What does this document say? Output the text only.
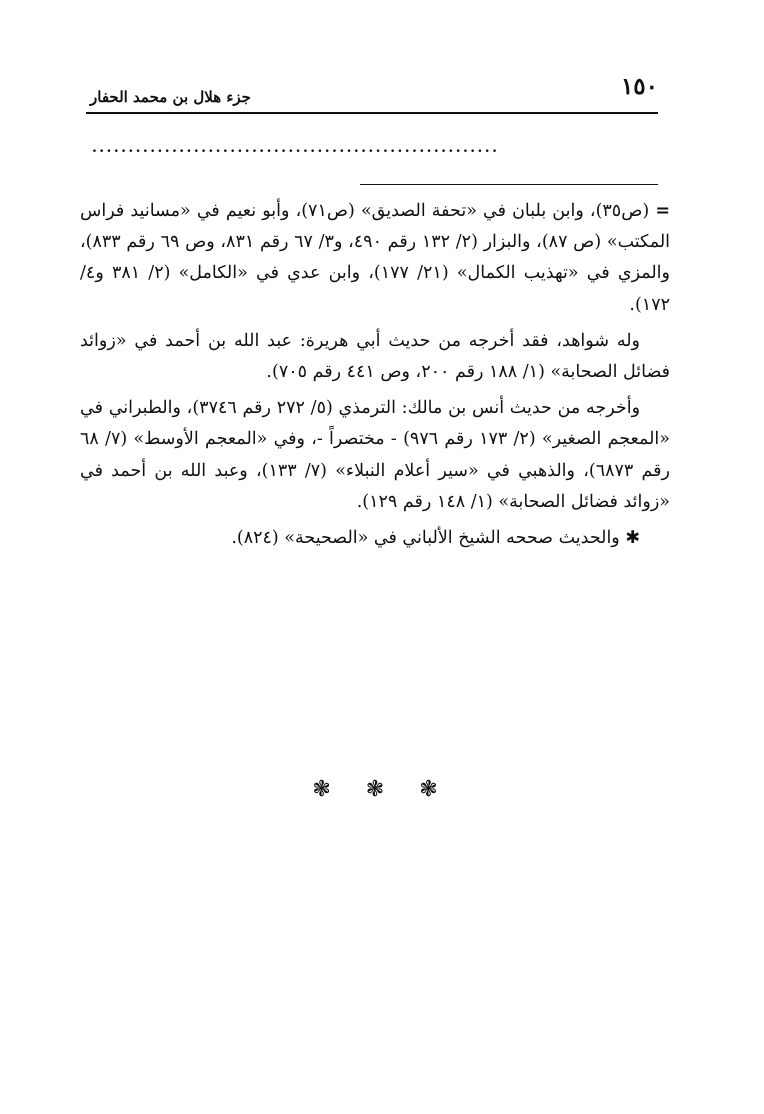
١٥٠
جزء هلال بن محمد الحفار
........................................................

= (ص٣٥)، وابن بلبان في «تحفة الصديق» (ص٧١)، وأبو نعيم في «مسانيد فراس المكتب» (ص ٨٧)، والبزار (٢/ ١٣٢ رقم ٤٩٠، و٣/ ٦٧ رقم ٨٣١، وص ٦٩ رقم ٨٣٣)، والمزي في «تهذيب الكمال» (٢١/ ١٧٧)، وابن عدي في «الكامل» (٢/ ٣٨١ و٤/ ١٧٢).

وله شواهد، فقد أخرجه من حديث أبي هريرة: عبد الله بن أحمد في «زوائد فضائل الصحابة» (١/ ١٨٨ رقم ٢٠٠، وص ٤٤١ رقم ٧٠٥).

وأخرجه من حديث أنس بن مالك: الترمذي (٥/ ٢٧٢ رقم ٣٧٤٦)، والطبراني في «المعجم الصغير» (٢/ ١٧٣ رقم ٩٧٦) - مختصراً -، وفي «المعجم الأوسط» (٧/ ٦٨ رقم ٦٨٧٣)، والذهبي في «سير أعلام النبلاء» (٧/ ١٣٣)، وعبد الله بن أحمد في «زوائد فضائل الصحابة» (١/ ١٤٨ رقم ١٢٩).

✱ والحديث صححه الشيخ الألباني في «الصحيحة» (٨٢٤).

❃ ❃ ❃
